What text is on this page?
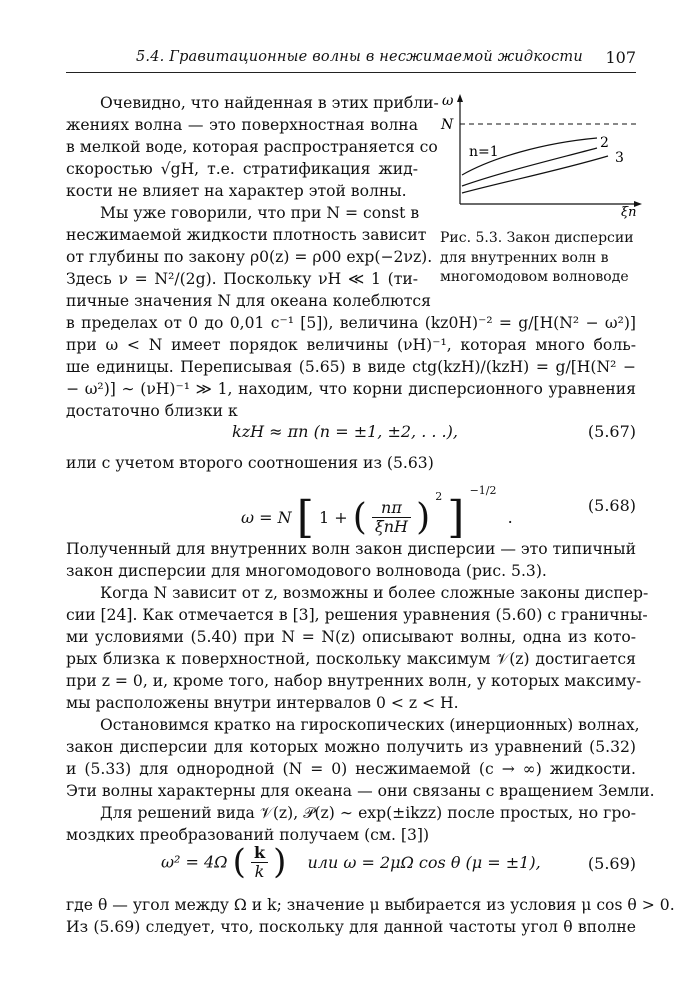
5.4. Гравитационные волны в несжимаемой жидкости 107
ω
N
n=1
2
3
ξn
Рис. 5.3. Закон дисперсии
для внутренних волн в
многомодовом волноводе
Очевидно, что найденная в этих прибли-
жениях волна — это поверхностная волна
в мелкой воде, которая распространяется со
скоростью √gH, т.е. стратификация жид-
кости не влияет на характер этой волны.
Мы уже говорили, что при N = const в
несжимаемой жидкости плотность зависит
от глубины по закону ρ0(z) = ρ00 exp(−2νz).
Здесь ν = N²/(2g). Поскольку νH ≪ 1 (ти-
пичные значения N для океана колеблются
в пределах от 0 до 0,01 с⁻¹ [5]), величина (kz0H)⁻² = g/[H(N² − ω²)]
при ω < N имеет порядок величины (νH)⁻¹, которая много боль-
ше единицы. Переписывая (5.65) в виде ctg(kzH)/(kzH) = g/[H(N² −
− ω²)] ∼ (νH)⁻¹ ≫ 1, находим, что корни дисперсионного уравнения
достаточно близки к
kzH ≈ πn (n = ±1, ±2, . . .),	(5.67)
или с учетом второго соотношения из (5.63)
ω = N [ 1 + ( $\frac{n\pi}{\text{ξnH}}$ ) $^2$ ] $^{-1/2}$ .
(5.68)
Полученный для внутренних волн закон дисперсии — это типичный
закон дисперсии для многомодового волновода (рис. 5.3).
Когда N зависит от z, возможны и более сложные законы диспер-
сии [24]. Как отмечается в [3], решения уравнения (5.60) с граничны-
ми условиями (5.40) при N = N(z) описывают волны, одна из кото-
рых близка к поверхностной, поскольку максимум 𝒱(z) достигается
при z = 0, и, кроме того, набор внутренних волн, у которых максиму-
мы расположены внутри интервалов 0 < z < H.
Остановимся кратко на гироскопических (инерционных) волнах,
закон дисперсии для которых можно получить из уравнений (5.32)
и (5.33) для однородной (N = 0) несжимаемой (c → ∞) жидкости.
Эти волны характерны для океана — они связаны с вращением Земли.
Для решений вида 𝒱(z), 𝒫(z) ∼ exp(±ikzz) после простых, но гро-
моздких преобразований получаем (см. [3])
ω² = 4Ω ( $\frac{k}{k}$ ) или ω = 2μΩ cos θ (μ = ±1),	(5.69)
где θ — угол между Ω и k; значение μ выбирается из условия μ cos θ > 0.
Из (5.69) следует, что, поскольку для данной частоты угол θ вполне
